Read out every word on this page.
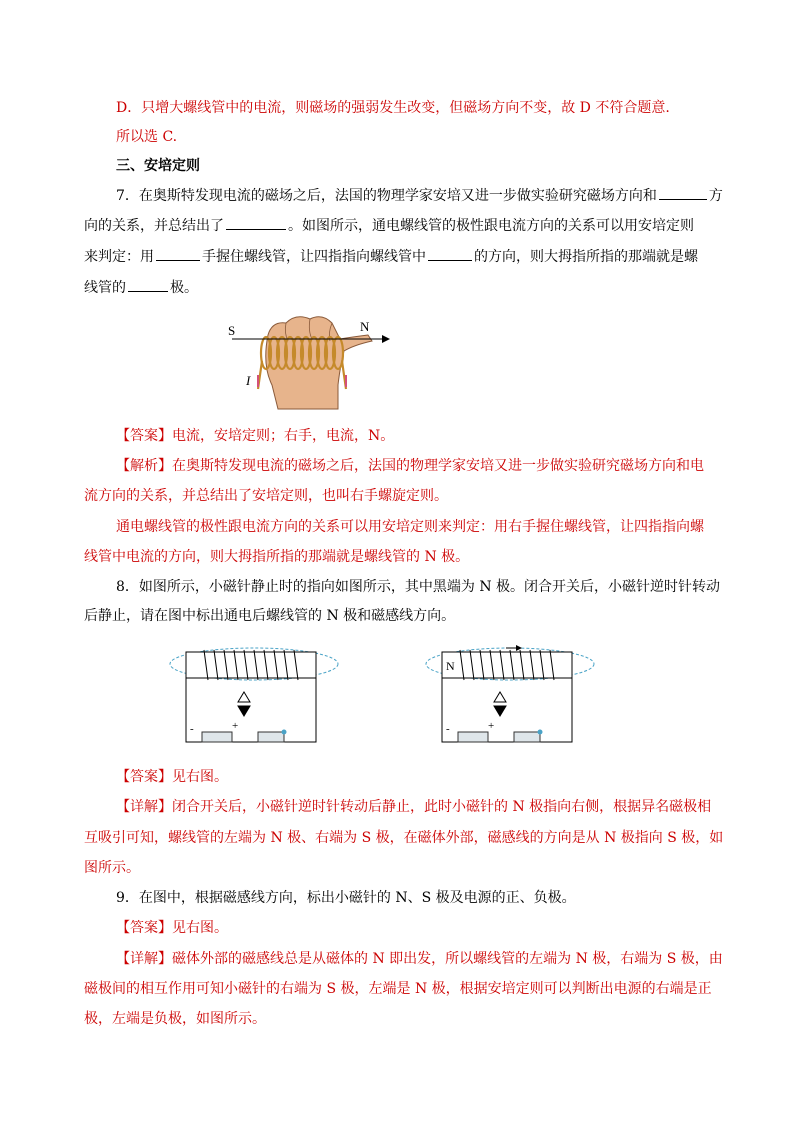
D．只增大螺线管中的电流，则磁场的强弱发生改变，但磁场方向不变，故 D 不符合题意.
所以选 C.
三、安培定则
7．在奥斯特发现电流的磁场之后，法国的物理学家安培又进一步做实验研究磁场方向和	方
向的关系，并总结出了	。如图所示，通电螺线管的极性跟电流方向的关系可以用安培定则
来判定：用	手握住螺线管，让四指指向螺线管中	的方向，则大拇指所指的那端就是螺
线管的	极。
S	N
I
【答案】电流，安培定则；右手，电流，N。
【解析】在奥斯特发现电流的磁场之后，法国的物理学家安培又进一步做实验研究磁场方向和电
流方向的关系，并总结出了安培定则，也叫右手螺旋定则。
通电螺线管的极性跟电流方向的关系可以用安培定则来判定：用右手握住螺线管，让四指指向螺
线管中电流的方向，则大拇指所指的那端就是螺线管的 N 极。
8．如图所示，小磁针静止时的指向如图所示，其中黑端为 N 极。闭合开关后，小磁针逆时针转动
后静止，请在图中标出通电后螺线管的 N 极和磁感线方向。
-	+
N
-	+
【答案】见右图。
【详解】闭合开关后，小磁针逆时针转动后静止，此时小磁针的 N 极指向右侧，根据异名磁极相
互吸引可知，螺线管的左端为 N 极、右端为 S 极，在磁体外部，磁感线的方向是从 N 极指向 S 极，如
图所示。
9．在图中，根据磁感线方向，标出小磁针的 N、S 极及电源的正、负极。
【答案】见右图。
【详解】磁体外部的磁感线总是从磁体的 N 即出发，所以螺线管的左端为 N 极，右端为 S 极，由
磁极间的相互作用可知小磁针的右端为 S 极，左端是 N 极，根据安培定则可以判断出电源的右端是正
极，左端是负极，如图所示。
